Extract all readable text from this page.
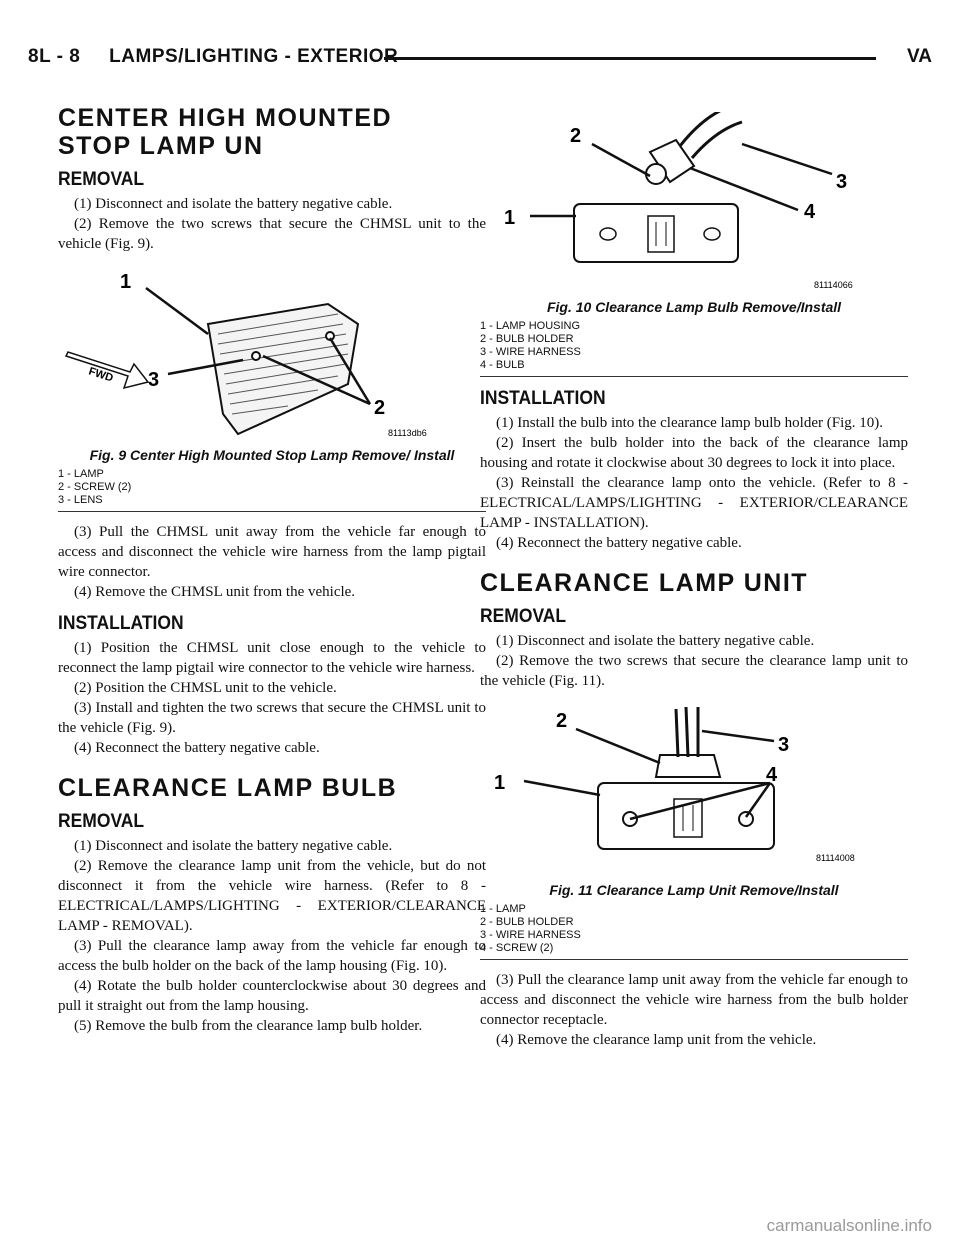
8L - 8     LAMPS/LIGHTING - EXTERIOR	VA
CENTER HIGH MOUNTED
STOP LAMP UN
REMOVAL

(1) Disconnect and isolate the battery negative cable.

(2) Remove the two screws that secure the CHMSL unit to the vehicle (Fig. 9).

FWD
1
2
3
81113db6
Fig. 9 Center High Mounted Stop Lamp Remove/ Install
1 - LAMP
2 - SCREW (2)
3 - LENS

(3) Pull the CHMSL unit away from the vehicle far enough to access and disconnect the vehicle wire harness from the lamp pigtail wire connector.

(4) Remove the CHMSL unit from the vehicle.

INSTALLATION

(1) Position the CHMSL unit close enough to the vehicle to reconnect the lamp pigtail wire connector to the vehicle wire harness.

(2) Position the CHMSL unit to the vehicle.

(3) Install and tighten the two screws that secure the CHMSL unit to the vehicle (Fig. 9).

(4) Reconnect the battery negative cable.

CLEARANCE LAMP BULB
REMOVAL

(1) Disconnect and isolate the battery negative cable.

(2) Remove the clearance lamp unit from the vehicle, but do not disconnect it from the vehicle wire harness. (Refer to 8 - ELECTRICAL/LAMPS/LIGHTING - EXTERIOR/CLEARANCE LAMP - REMOVAL).

(3) Pull the clearance lamp away from the vehicle far enough to access the bulb holder on the back of the lamp housing (Fig. 10).

(4) Rotate the bulb holder counterclockwise about 30 degrees and pull it straight out from the lamp housing.

(5) Remove the bulb from the clearance lamp bulb holder.

1
2
3
4
81114066
Fig. 10 Clearance Lamp Bulb Remove/Install
1 - LAMP HOUSING
2 - BULB HOLDER
3 - WIRE HARNESS
4 - BULB
INSTALLATION

(1) Install the bulb into the clearance lamp bulb holder (Fig. 10).

(2) Insert the bulb holder into the back of the clearance lamp housing and rotate it clockwise about 30 degrees to lock it into place.

(3) Reinstall the clearance lamp onto the vehicle. (Refer to 8 - ELECTRICAL/LAMPS/LIGHTING - EXTERIOR/CLEARANCE LAMP - INSTALLATION).

(4) Reconnect the battery negative cable.

CLEARANCE LAMP UNIT
REMOVAL

(1) Disconnect and isolate the battery negative cable.

(2) Remove the two screws that secure the clearance lamp unit to the vehicle (Fig. 11).

1
2
3
4
81114008
Fig. 11 Clearance Lamp Unit Remove/Install
1 - LAMP
2 - BULB HOLDER
3 - WIRE HARNESS
4 - SCREW (2)

(3) Pull the clearance lamp unit away from the vehicle far enough to access and disconnect the vehicle wire harness from the bulb holder connector receptacle.

(4) Remove the clearance lamp unit from the vehicle.

carmanualsonline.info
